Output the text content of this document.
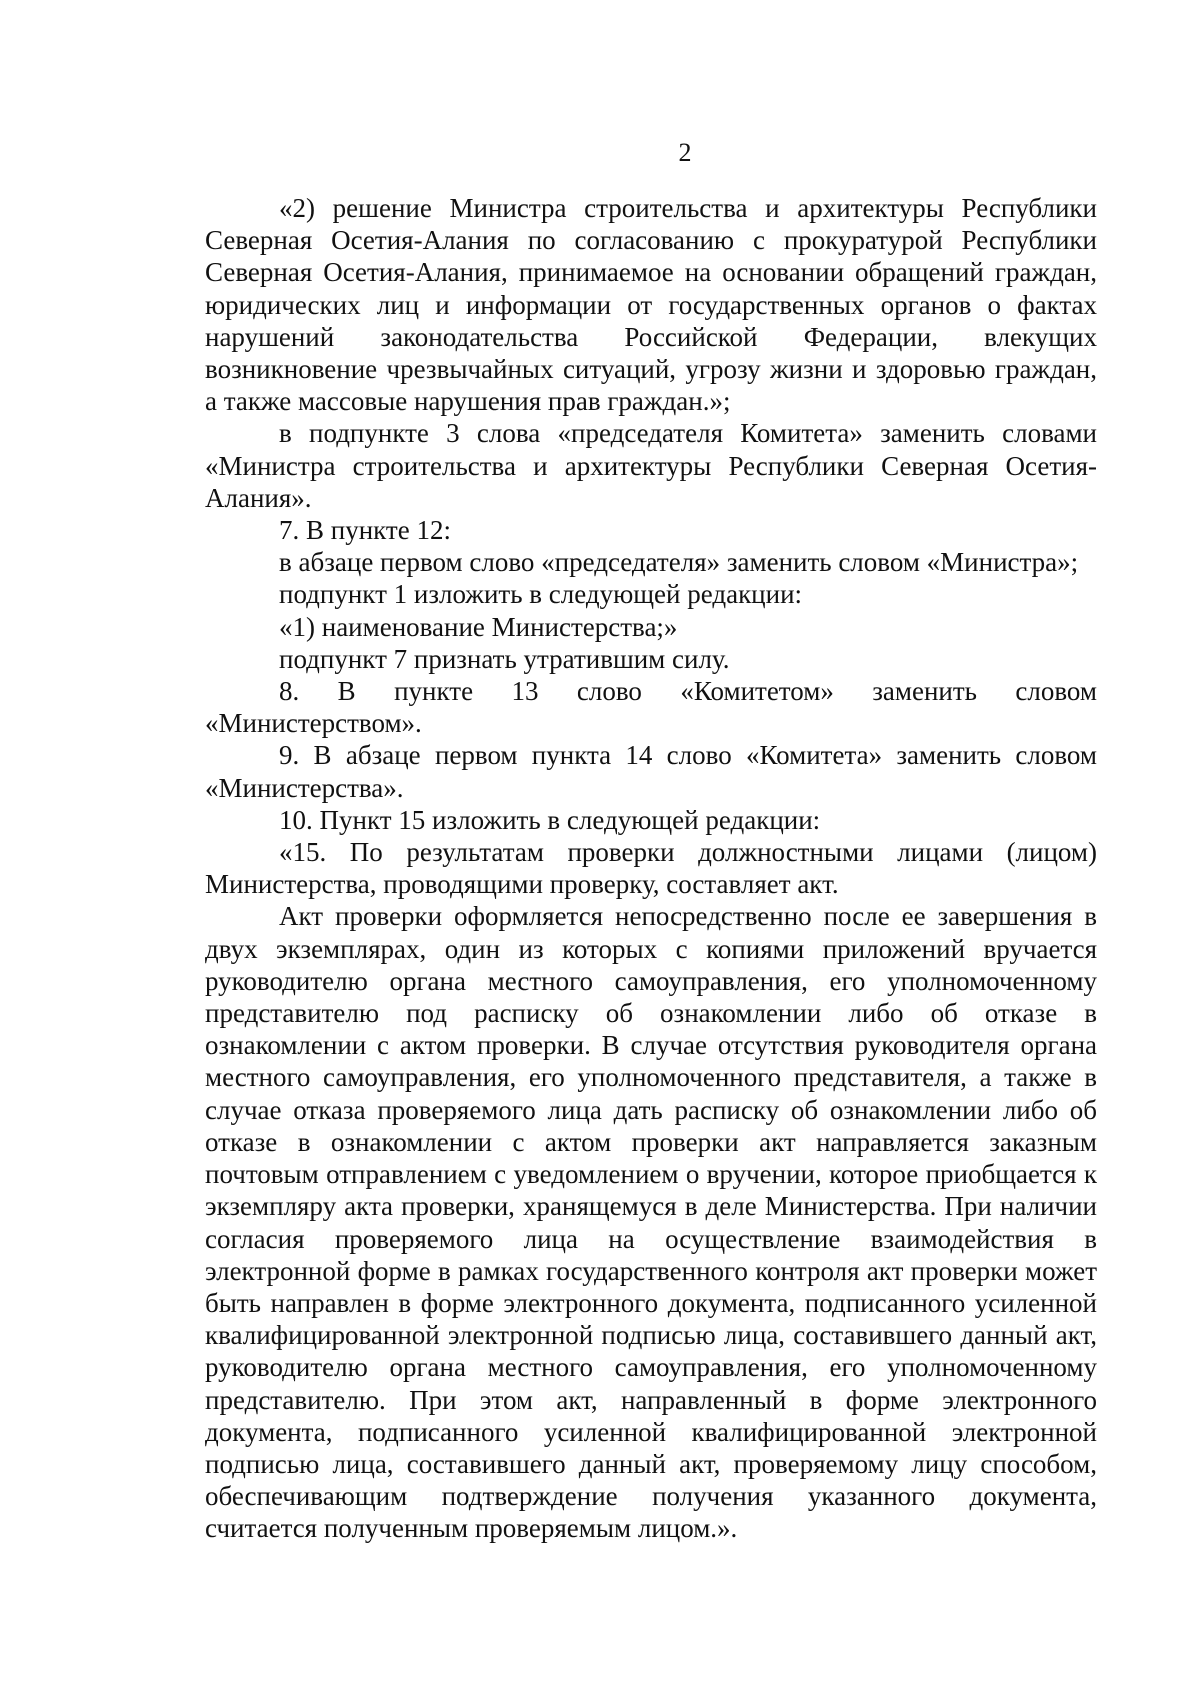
2

«2) решение Министра строительства и архитектуры Республики Северная Осетия-Алания по согласованию с прокуратурой Республики Северная Осетия-Алания, принимаемое на основании обращений граждан, юридических лиц и информации от государственных органов о фактах нарушений законодательства Российской Федерации, влекущих возникновение чрезвычайных ситуаций, угрозу жизни и здоровью граждан, а также массовые нарушения прав граждан.»;

в подпункте 3 слова «председателя Комитета» заменить словами «Министра строительства и архитектуры Республики Северная Осетия-Алания».

7. В пункте 12:

в абзаце первом слово «председателя» заменить словом «Министра»;

подпункт 1 изложить в следующей редакции:

«1) наименование Министерства;»

подпункт 7 признать утратившим силу.

8. В пункте 13 слово «Комитетом» заменить словом «Министерством».

9. В абзаце первом пункта 14 слово «Комитета» заменить словом «Министерства».

10. Пункт 15 изложить в следующей редакции:

«15. По результатам проверки должностными лицами (лицом) Министерства, проводящими проверку, составляет акт.

Акт проверки оформляется непосредственно после ее завершения в двух экземплярах, один из которых с копиями приложений вручается руководителю органа местного самоуправления, его уполномоченному представителю под расписку об ознакомлении либо об отказе в ознакомлении с актом проверки. В случае отсутствия руководителя органа местного самоуправления, его уполномоченного представителя, а также в случае отказа проверяемого лица дать расписку об ознакомлении либо об отказе в ознакомлении с актом проверки акт направляется заказным почтовым отправлением с уведомлением о вручении, которое приобщается к экземпляру акта проверки, хранящемуся в деле Министерства. При наличии согласия проверяемого лица на осуществление взаимодействия в электронной форме в рамках государственного контроля акт проверки может быть направлен в форме электронного документа, подписанного усиленной квалифицированной электронной подписью лица, составившего данный акт, руководителю органа местного самоуправления, его уполномоченному представителю. При этом акт, направленный в форме электронного документа, подписанного усиленной квалифицированной электронной подписью лица, составившего данный акт, проверяемому лицу способом, обеспечивающим подтверждение получения указанного документа, считается полученным проверяемым лицом.».
